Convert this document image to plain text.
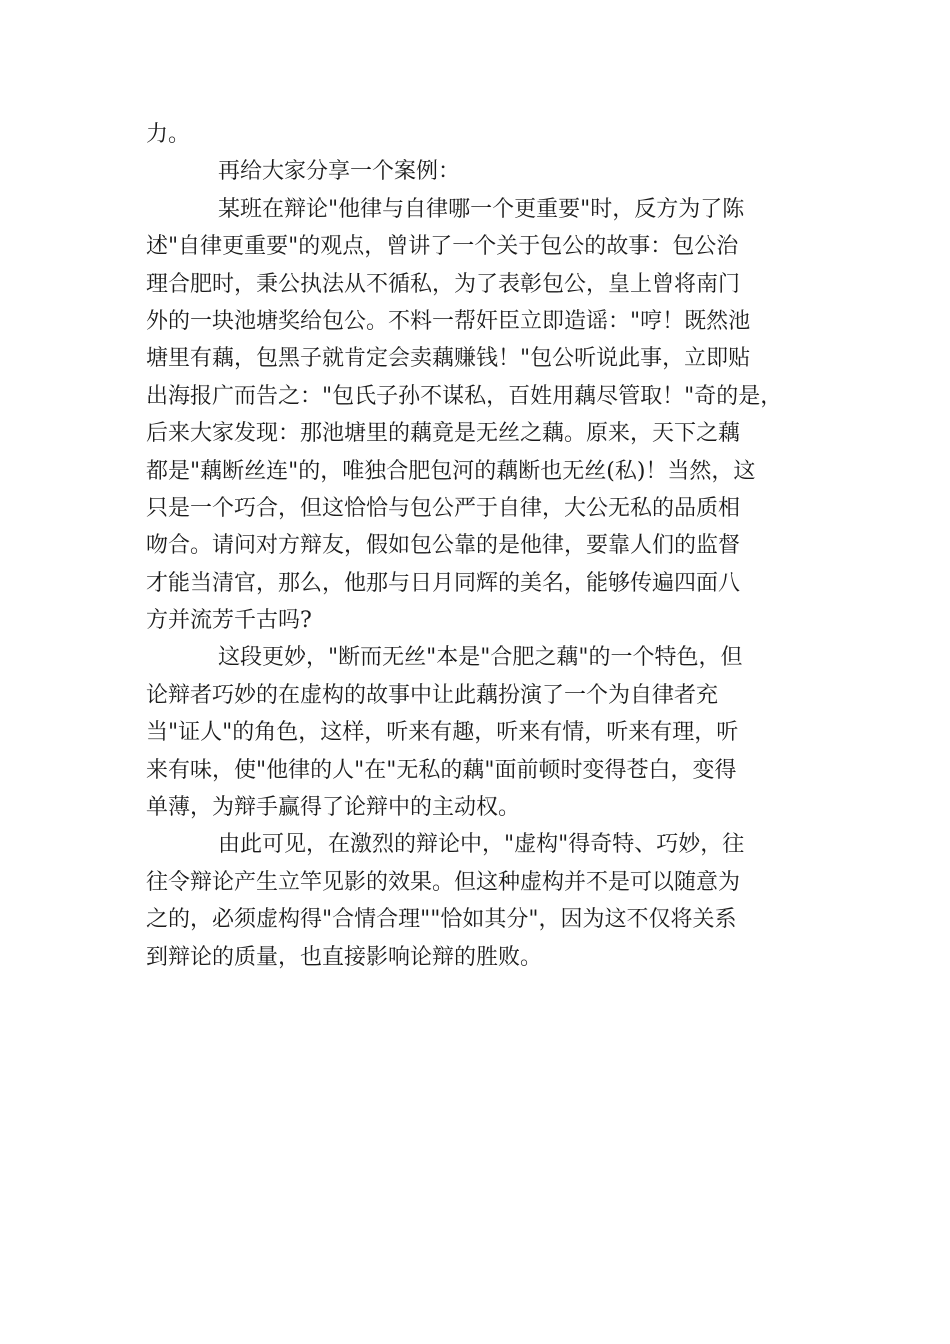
力。
再给大家分享一个案例：
某班在辩论"他律与自律哪一个更重要"时，反方为了陈
述"自律更重要"的观点，曾讲了一个关于包公的故事：包公治
理合肥时，秉公执法从不循私，为了表彰包公，皇上曾将南门
外的一块池塘奖给包公。不料一帮奸臣立即造谣："哼！既然池
塘里有藕，包黑子就肯定会卖藕赚钱！"包公听说此事，立即贴
出海报广而告之："包氏子孙不谋私，百姓用藕尽管取！"奇的是，
后来大家发现：那池塘里的藕竟是无丝之藕。原来，天下之藕
都是"藕断丝连"的，唯独合肥包河的藕断也无丝(私)！当然，这
只是一个巧合，但这恰恰与包公严于自律，大公无私的品质相
吻合。请问对方辩友，假如包公靠的是他律，要靠人们的监督
才能当清官，那么，他那与日月同辉的美名，能够传遍四面八
方并流芳千古吗?
这段更妙，"断而无丝"本是"合肥之藕"的一个特色，但
论辩者巧妙的在虚构的故事中让此藕扮演了一个为自律者充
当"证人"的角色，这样，听来有趣，听来有情，听来有理，听
来有味，使"他律的人"在"无私的藕"面前顿时变得苍白，变得
单薄，为辩手赢得了论辩中的主动权。
由此可见，在激烈的辩论中，"虚构"得奇特、巧妙，往
往令辩论产生立竿见影的效果。但这种虚构并不是可以随意为
之的，必须虚构得"合情合理""恰如其分"，因为这不仅将关系
到辩论的质量，也直接影响论辩的胜败。
